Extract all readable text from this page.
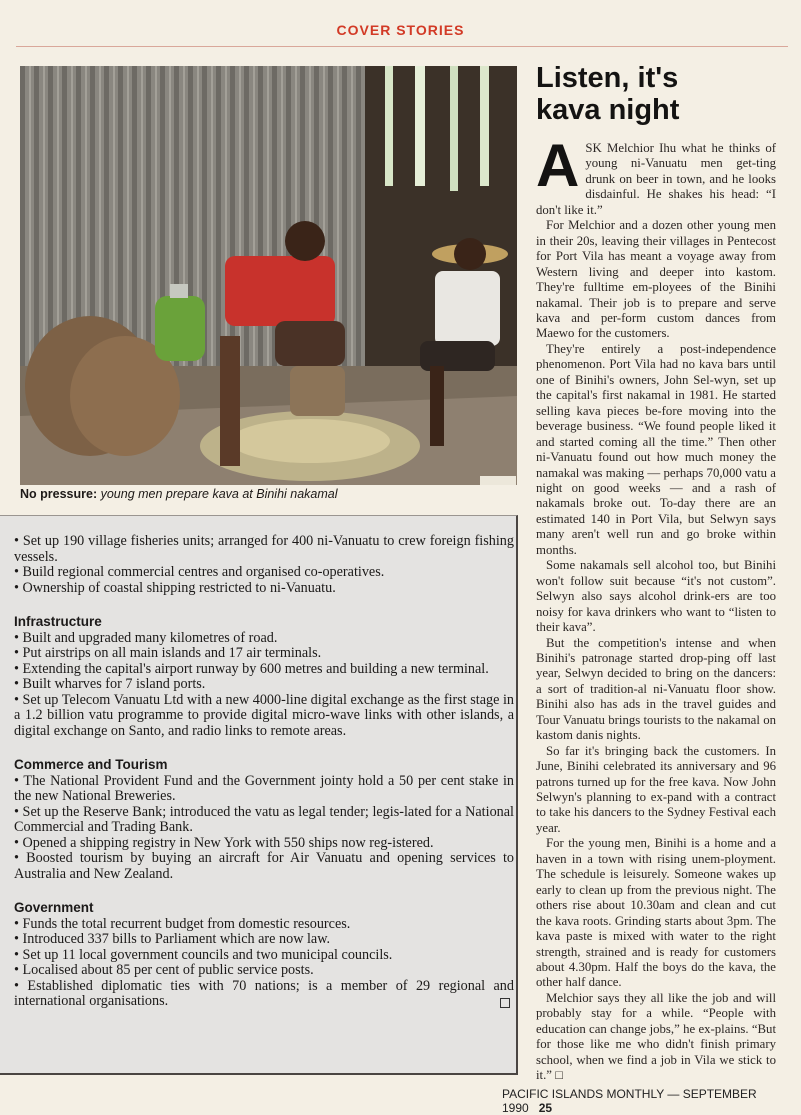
COVER STORIES
No pressure: young men prepare kava at Binihi nakamal

• Set up 190 village fisheries units; arranged for 400 ni-Vanuatu to crew foreign fishing vessels.

• Build regional commercial centres and organised co-operatives.

• Ownership of coastal shipping restricted to ni-Vanuatu.

Infrastructure

• Built and upgraded many kilometres of road.

• Put airstrips on all main islands and 17 air terminals.

• Extending the capital's airport runway by 600 metres and building a new terminal.

• Built wharves for 7 island ports.

• Set up Telecom Vanuatu Ltd with a new 4000-line digital exchange as the first stage in a 1.2 billion vatu programme to provide digital micro-wave links with other islands, a digital exchange on Santo, and radio links to remote areas.

Commerce and Tourism

• The National Provident Fund and the Government jointy hold a 50 per cent stake in the new National Breweries.

• Set up the Reserve Bank; introduced the vatu as legal tender; legis-lated for a National Commercial and Trading Bank.

• Opened a shipping registry in New York with 550 ships now reg-istered.

• Boosted tourism by buying an aircraft for Air Vanuatu and opening services to Australia and New Zealand.

Government

• Funds the total recurrent budget from domestic resources.

• Introduced 337 bills to Parliament which are now law.

• Set up 11 local government councils and two municipal councils.

• Localised about 85 per cent of public service posts.

• Established diplomatic ties with 70 nations; is a member of 29 regional and international organisations.

Listen, it's
kava night

ASK Melchior Ihu what he thinks of young ni-Vanuatu men get-ting drunk on beer in town, and he looks disdainful. He shakes his head: “I don't like it.”

For Melchior and a dozen other young men in their 20s, leaving their villages in Pentecost for Port Vila has meant a voyage away from Western living and deeper into kastom. They're fulltime em-ployees of the Binihi nakamal. Their job is to prepare and serve kava and per-form custom dances from Maewo for the customers.

They're entirely a post-independence phenomenon. Port Vila had no kava bars until one of Binihi's owners, John Sel-wyn, set up the capital's first nakamal in 1981. He started selling kava pieces be-fore moving into the beverage business. “We found people liked it and started coming all the time.” Then other ni-Vanuatu found out how much money the namakal was making — perhaps 70,000 vatu a night on good weeks — and a rash of nakamals broke out. To-day there are an estimated 140 in Port Vila, but Selwyn says many aren't well run and go broke within months.

Some nakamals sell alcohol too, but Binihi won't follow suit because “it's not custom”. Selwyn also says alcohol drink-ers are too noisy for kava drinkers who want to “listen to their kava”.

But the competition's intense and when Binihi's patronage started drop-ping off last year, Selwyn decided to bring on the dancers: a sort of tradition-al ni-Vanuatu floor show. Binihi also has ads in the travel guides and Tour Vanuatu brings tourists to the nakamal on kastom danis nights.

So far it's bringing back the customers. In June, Binihi celebrated its anniversary and 96 patrons turned up for the free kava. Now John Selwyn's planning to ex-pand with a contract to take his dancers to the Sydney Festival each year.

For the young men, Binihi is a home and a haven in a town with rising unem-ployment. The schedule is leisurely. Someone wakes up early to clean up from the previous night. The others rise about 10.30am and clean and cut the kava roots. Grinding starts about 3pm. The kava paste is mixed with water to the right strength, strained and is ready for customers about 4.30pm. Half the boys do the kava, the other half dance.

Melchior says they all like the job and will probably stay for a while. “People with education can change jobs,” he ex-plains. “But for those like me who didn't finish primary school, when we find a job in Vila we stick to it.” □

PACIFIC ISLANDS MONTHLY — SEPTEMBER 1990 25
